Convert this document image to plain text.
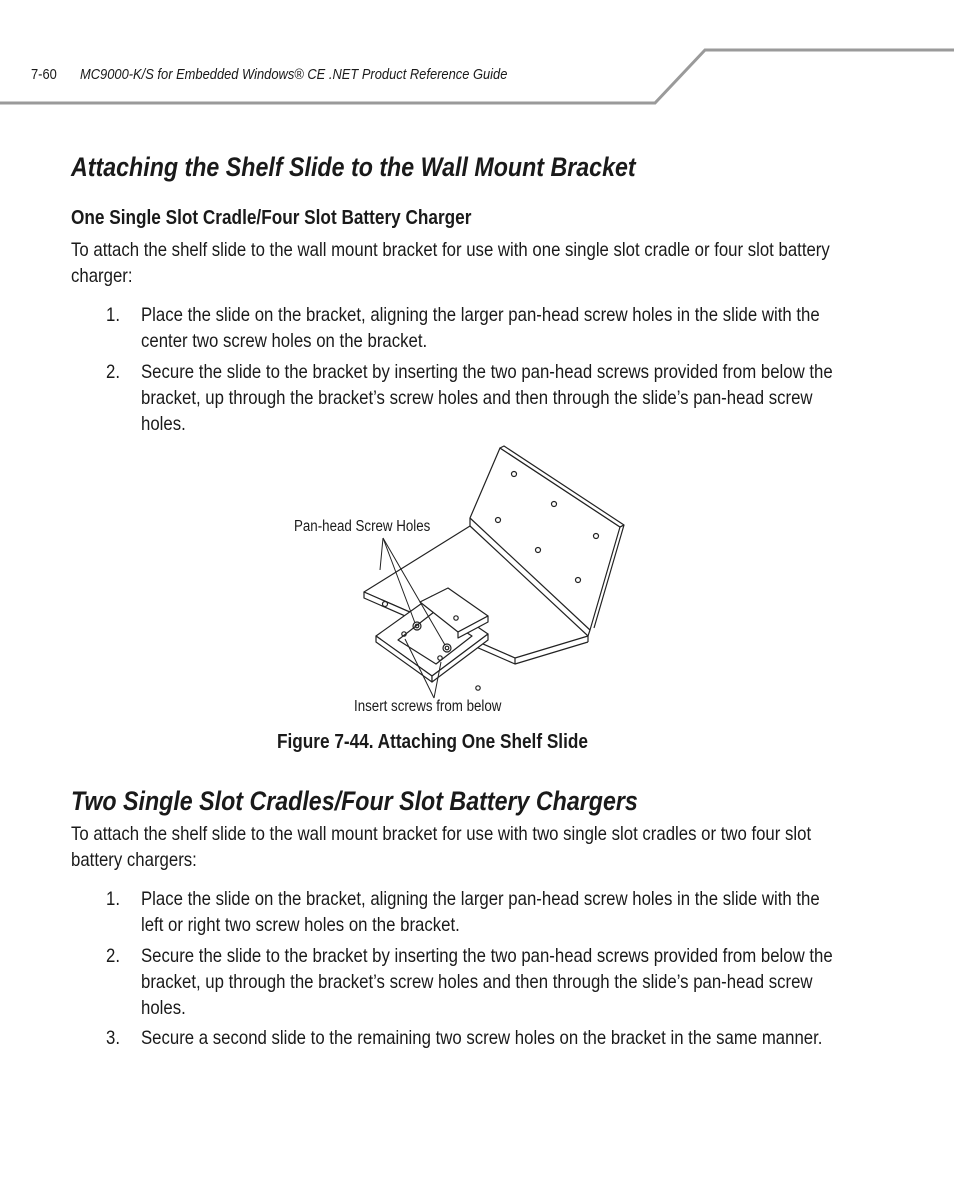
7-60 MC9000-K/S for Embedded Windows® CE .NET Product Reference Guide
Attaching the Shelf Slide to the Wall Mount Bracket
One Single Slot Cradle/Four Slot Battery Charger

To attach the shelf slide to the wall mount bracket for use with one single slot cradle or four slot battery charger:

1. Place the slide on the bracket, aligning the larger pan-head screw holes in the slide with the center two screw holes on the bracket.
2. Secure the slide to the bracket by inserting the two pan-head screws provided from below the bracket, up through the bracket’s screw holes and then through the slide’s pan-head screw holes.
Pan-head Screw Holes
Insert screws from below
Figure 7-44. Attaching One Shelf Slide
Two Single Slot Cradles/Four Slot Battery Chargers

To attach the shelf slide to the wall mount bracket for use with two single slot cradles or two four slot battery chargers:

1. Place the slide on the bracket, aligning the larger pan-head screw holes in the slide with the left or right two screw holes on the bracket.
2. Secure the slide to the bracket by inserting the two pan-head screws provided from below the bracket, up through the bracket’s screw holes and then through the slide’s pan-head screw holes.
3. Secure a second slide to the remaining two screw holes on the bracket in the same manner.
